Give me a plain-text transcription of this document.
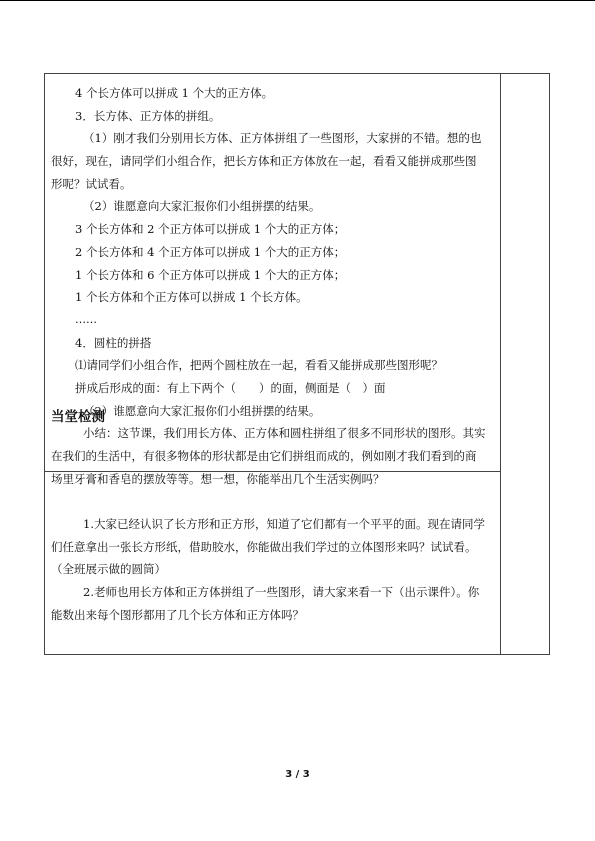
4 个长方体可以拼成 1 个大的正方体。
3．长方体、正方体的拼组。
（1）刚才我们分别用长方体、正方体拼组了一些图形，大家拼的不错。想的也
很好，现在，请同学们小组合作，把长方体和正方体放在一起，看看又能拼成那些图
形呢？试试看。
（2）谁愿意向大家汇报你们小组拼摆的结果。
3 个长方体和 2 个正方体可以拼成 1 个大的正方体；
2 个长方体和 4 个正方体可以拼成 1 个大的正方体；
1 个长方体和 6 个正方体可以拼成 1 个大的正方体；
1 个长方体和个正方体可以拼成 1 个长方体。
……
4．圆柱的拼搭
⑴请同学们小组合作，把两个圆柱放在一起，看看又能拼成那些图形呢？
拼成后形成的面：有上下两个（　　）的面，侧面是（　）面
（2）谁愿意向大家汇报你们小组拼摆的结果。
小结：这节课，我们用长方体、正方体和圆柱拼组了很多不同形状的图形。其实
在我们的生活中，有很多物体的形状都是由它们拼组而成的，例如刚才我们看到的商
场里牙膏和香皂的摆放等等。想一想，你能举出几个生活实例吗？
1.大家已经认识了长方形和正方形，知道了它们都有一个平平的面。现在请同学
们任意拿出一张长方形纸，借助胶水，你能做出我们学过的立体图形来吗？试试看。
（全班展示做的圆筒）
2.老师也用长方体和正方体拼组了一些图形，请大家来看一下（出示课件）。你
能数出来每个图形都用了几个长方体和正方体吗？
当堂检测
3 / 3
